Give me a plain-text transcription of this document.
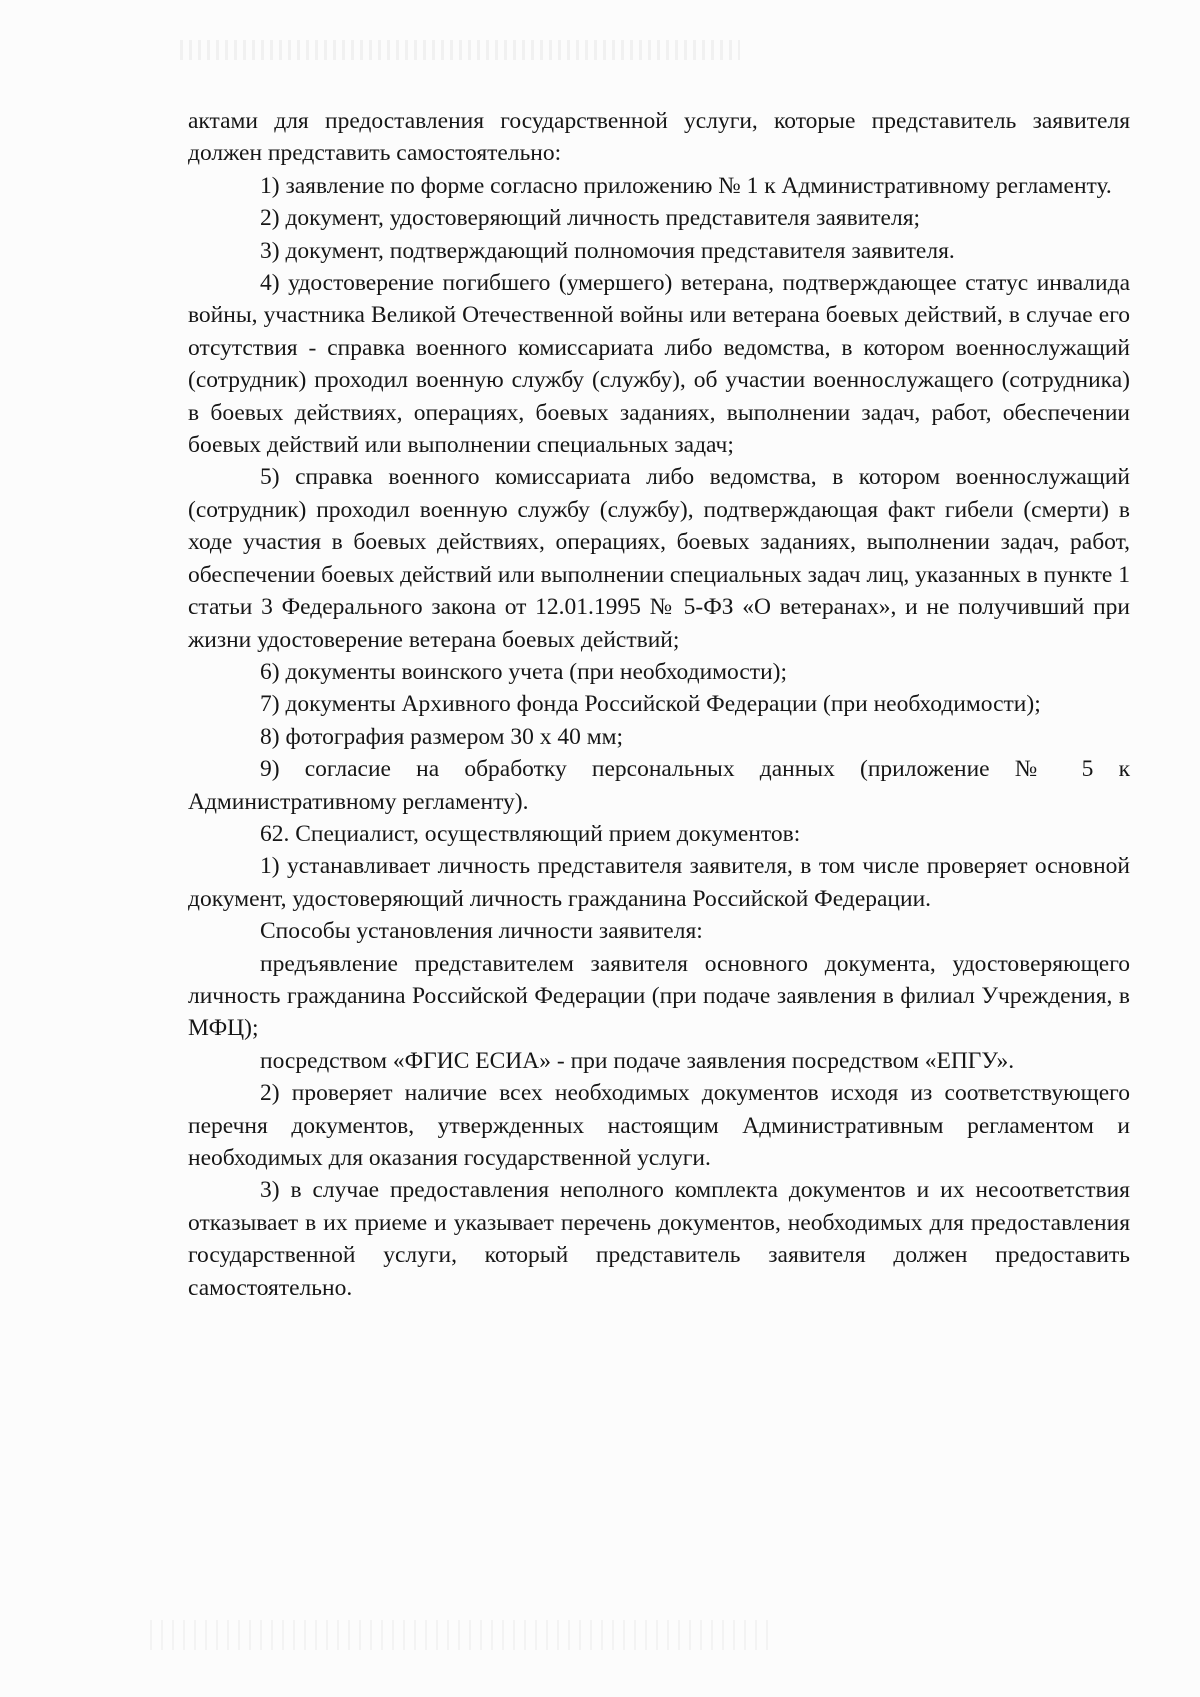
актами для предоставления государственной услуги, которые представитель заявителя должен представить самостоятельно:

1) заявление по форме согласно приложению № 1 к Административному регламенту.

2) документ, удостоверяющий личность представителя заявителя;

3) документ, подтверждающий полномочия представителя заявителя.

4) удостоверение погибшего (умершего) ветерана, подтверждающее статус инвалида войны, участника Великой Отечественной войны или ветерана боевых действий, в случае его отсутствия - справка военного комиссариата либо ведомства, в котором военнослужащий (сотрудник) проходил военную службу (службу), об участии военнослужащего (сотрудника) в боевых действиях, операциях, боевых заданиях, выполнении задач, работ, обеспечении боевых действий или выполнении специальных задач;

5) справка военного комиссариата либо ведомства, в котором военнослужащий (сотрудник) проходил военную службу (службу), подтверждающая факт гибели (смерти) в ходе участия в боевых действиях, операциях, боевых заданиях, выполнении задач, работ, обеспечении боевых действий или выполнении специальных задач лиц, указанных в пункте 1 статьи 3 Федерального закона от 12.01.1995 № 5-ФЗ «О ветеранах», и не получивший при жизни удостоверение ветерана боевых действий;

6) документы воинского учета (при необходимости);

7) документы Архивного фонда Российской Федерации (при необходимости);

8) фотография размером 30 х 40 мм;

9) согласие на обработку персональных данных (приложение № 5 к Административному регламенту).

62. Специалист, осуществляющий прием документов:

1) устанавливает личность представителя заявителя, в том числе проверяет основной документ, удостоверяющий личность гражданина Российской Федерации.

Способы установления личности заявителя:

предъявление представителем заявителя основного документа, удостоверяющего личность гражданина Российской Федерации (при подаче заявления в филиал Учреждения, в МФЦ);

посредством «ФГИС ЕСИА» - при подаче заявления посредством «ЕПГУ».

2) проверяет наличие всех необходимых документов исходя из соответствующего перечня документов, утвержденных настоящим Административным регламентом и необходимых для оказания государственной услуги.

3) в случае предоставления неполного комплекта документов и их несоответствия отказывает в их приеме и указывает перечень документов, необходимых для предоставления государственной услуги, который представитель заявителя должен предоставить самостоятельно.
